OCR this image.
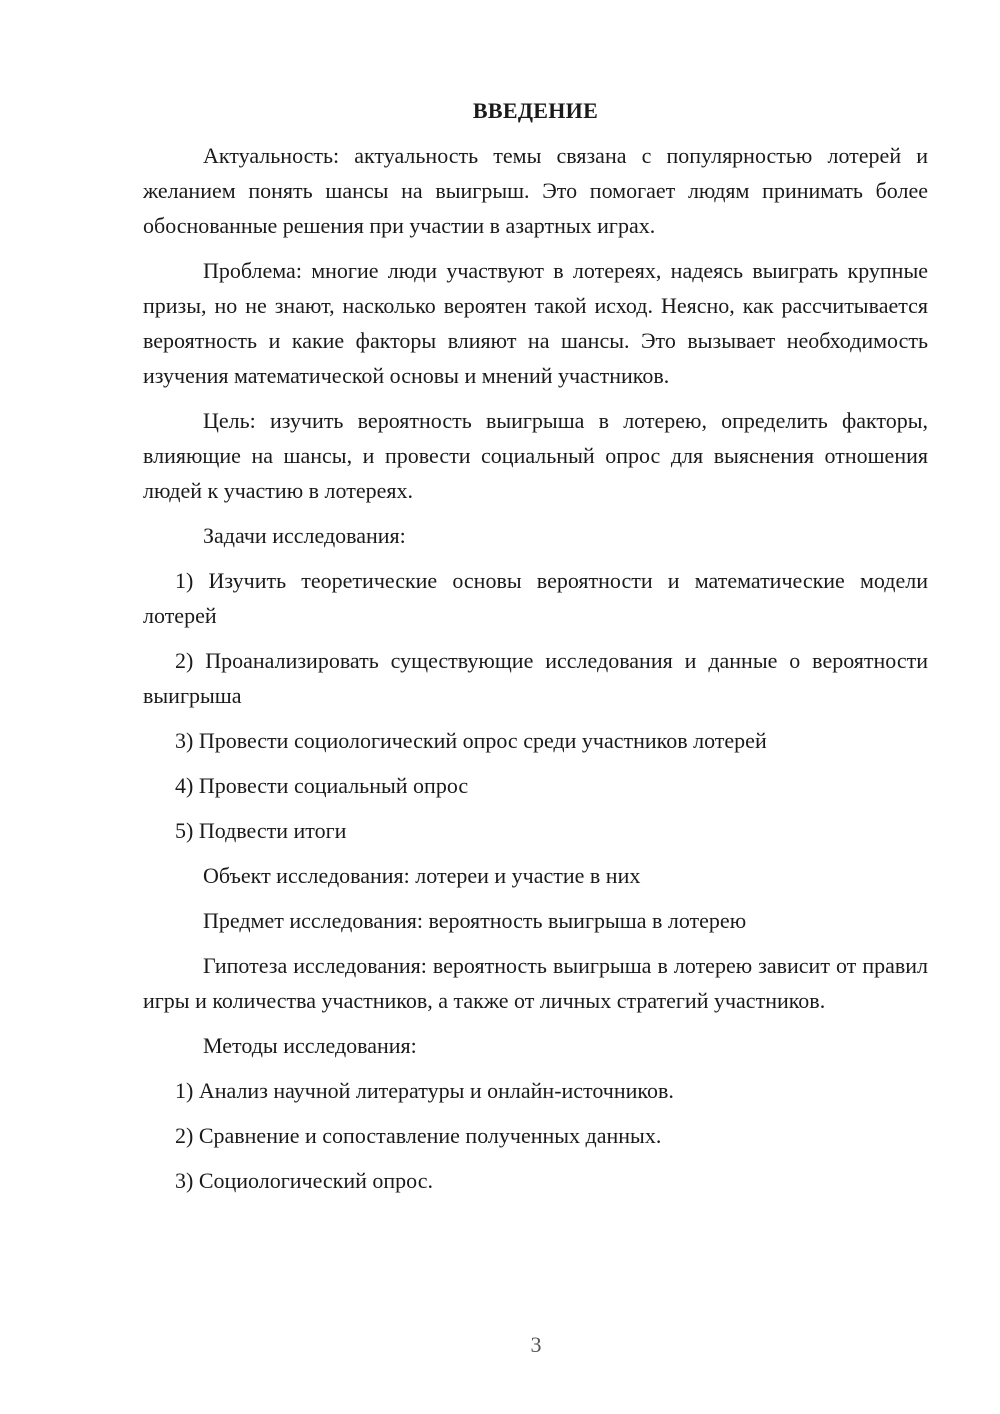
ВВЕДЕНИЕ

Актуальность: актуальность темы связана с популярностью лотерей и желанием понять шансы на выигрыш. Это помогает людям принимать более обоснованные решения при участии в азартных играх.

Проблема: многие люди участвуют в лотереях, надеясь выиграть крупные призы, но не знают, насколько вероятен такой исход. Неясно, как рассчитывается вероятность и какие факторы влияют на шансы. Это вызывает необходимость изучения математической основы и мнений участников.

Цель: изучить вероятность выигрыша в лотерею, определить факторы, влияющие на шансы, и провести социальный опрос для выяснения отношения людей к участию в лотереях.

Задачи исследования:

1) Изучить теоретические основы вероятности и математические модели лотерей

2) Проанализировать существующие исследования и данные о вероятности выигрыша

3) Провести социологический опрос среди участников лотерей

4) Провести социальный опрос

5) Подвести итоги

Объект исследования: лотереи и участие в них

Предмет исследования: вероятность выигрыша в лотерею

Гипотеза исследования: вероятность выигрыша в лотерею зависит от правил игры и количества участников, а также от личных стратегий участников.

Методы исследования:

1) Анализ научной литературы и онлайн-источников.

2) Сравнение и сопоставление полученных данных.

3) Социологический опрос.

3
